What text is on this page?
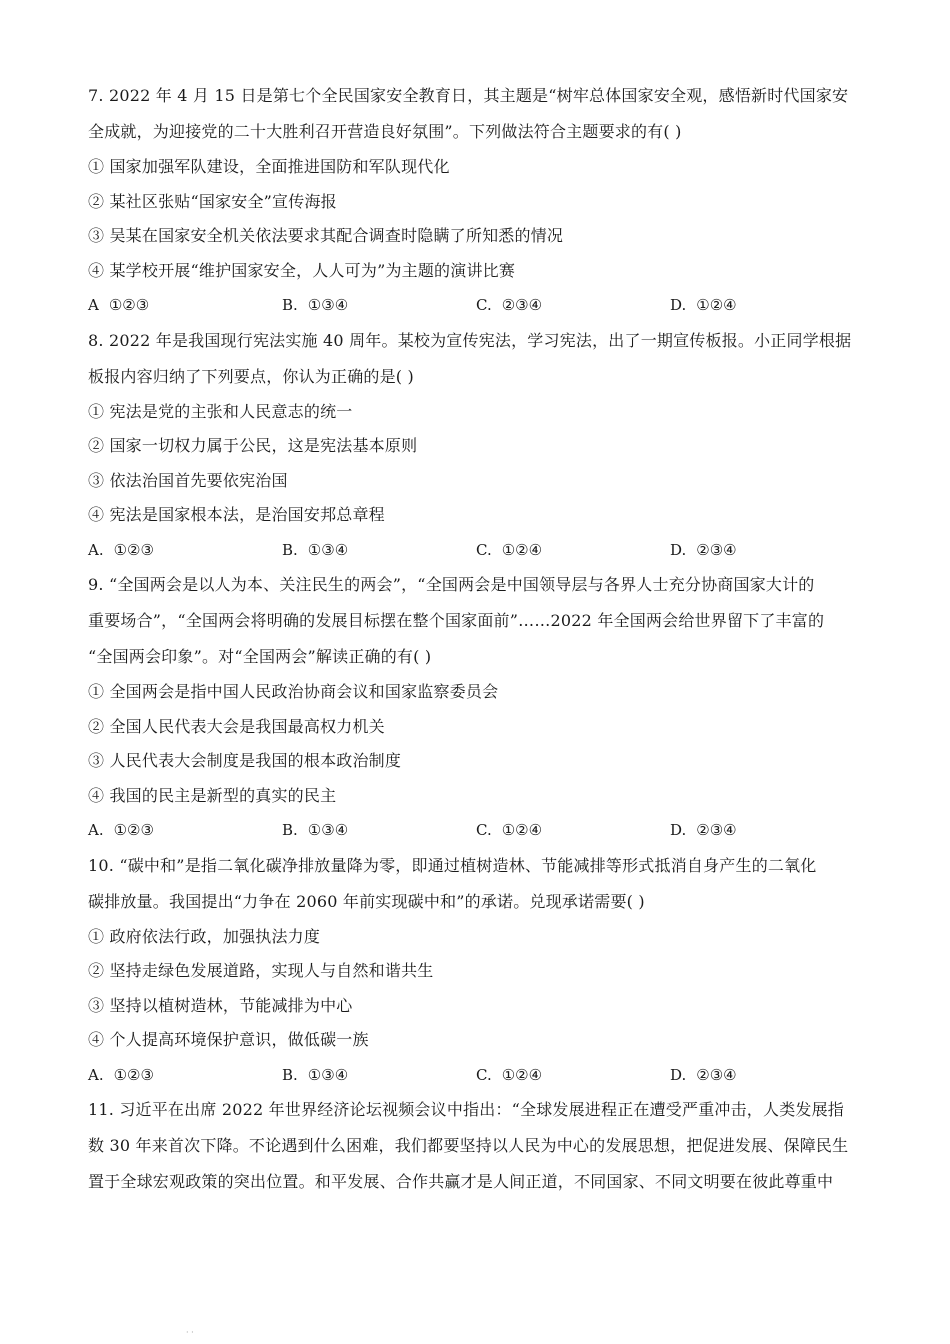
7. 2022 年 4 月 15 日是第七个全民国家安全教育日，其主题是“树牢总体国家安全观，感悟新时代国家安

全成就，为迎接党的二十大胜利召开营造良好氛围”。下列做法符合主题要求的有( )

① 国家加强军队建设，全面推进国防和军队现代化

② 某社区张贴“国家安全”宣传海报

③ 吴某在国家安全机关依法要求其配合调查时隐瞒了所知悉的情况

④ 某学校开展“维护国家安全，人人可为”为主题的演讲比赛

A ①②③	B. ①③④	C. ②③④	D. ①②④

8. 2022 年是我国现行宪法实施 40 周年。某校为宣传宪法，学习宪法，出了一期宣传板报。小正同学根据

板报内容归纳了下列要点，你认为正确的是( )

① 宪法是党的主张和人民意志的统一

② 国家一切权力属于公民，这是宪法基本原则

③ 依法治国首先要依宪治国

④ 宪法是国家根本法，是治国安邦总章程

A. ①②③	B. ①③④	C. ①②④	D. ②③④

9. “全国两会是以人为本、关注民生的两会”，“全国两会是中国领导层与各界人士充分协商国家大计的

重要场合”，“全国两会将明确的发展目标摆在整个国家面前”……2022 年全国两会给世界留下了丰富的

“全国两会印象”。对“全国两会”解读正确的有( )

① 全国两会是指中国人民政治协商会议和国家监察委员会

② 全国人民代表大会是我国最高权力机关

③ 人民代表大会制度是我国的根本政治制度

④ 我国的民主是新型的真实的民主

A. ①②③	B. ①③④	C. ①②④	D. ②③④

10. “碳中和”是指二氧化碳净排放量降为零，即通过植树造林、节能减排等形式抵消自身产生的二氧化

碳排放量。我国提出“力争在 2060 年前实现碳中和”的承诺。兑现承诺需要( )

① 政府依法行政，加强执法力度

② 坚持走绿色发展道路，实现人与自然和谐共生

③ 坚持以植树造林，节能减排为中心

④ 个人提高环境保护意识，做低碳一族

A. ①②③	B. ①③④	C. ①②④	D. ②③④

11. 习近平在出席 2022 年世界经济论坛视频会议中指出：“全球发展进程正在遭受严重冲击，人类发展指

数 30 年来首次下降。不论遇到什么困难，我们都要坚持以人民为中心的发展思想，把促进发展、保障民生

置于全球宏观政策的突出位置。和平发展、合作共赢才是人间正道，不同国家、不同文明要在彼此尊重中

· ·
